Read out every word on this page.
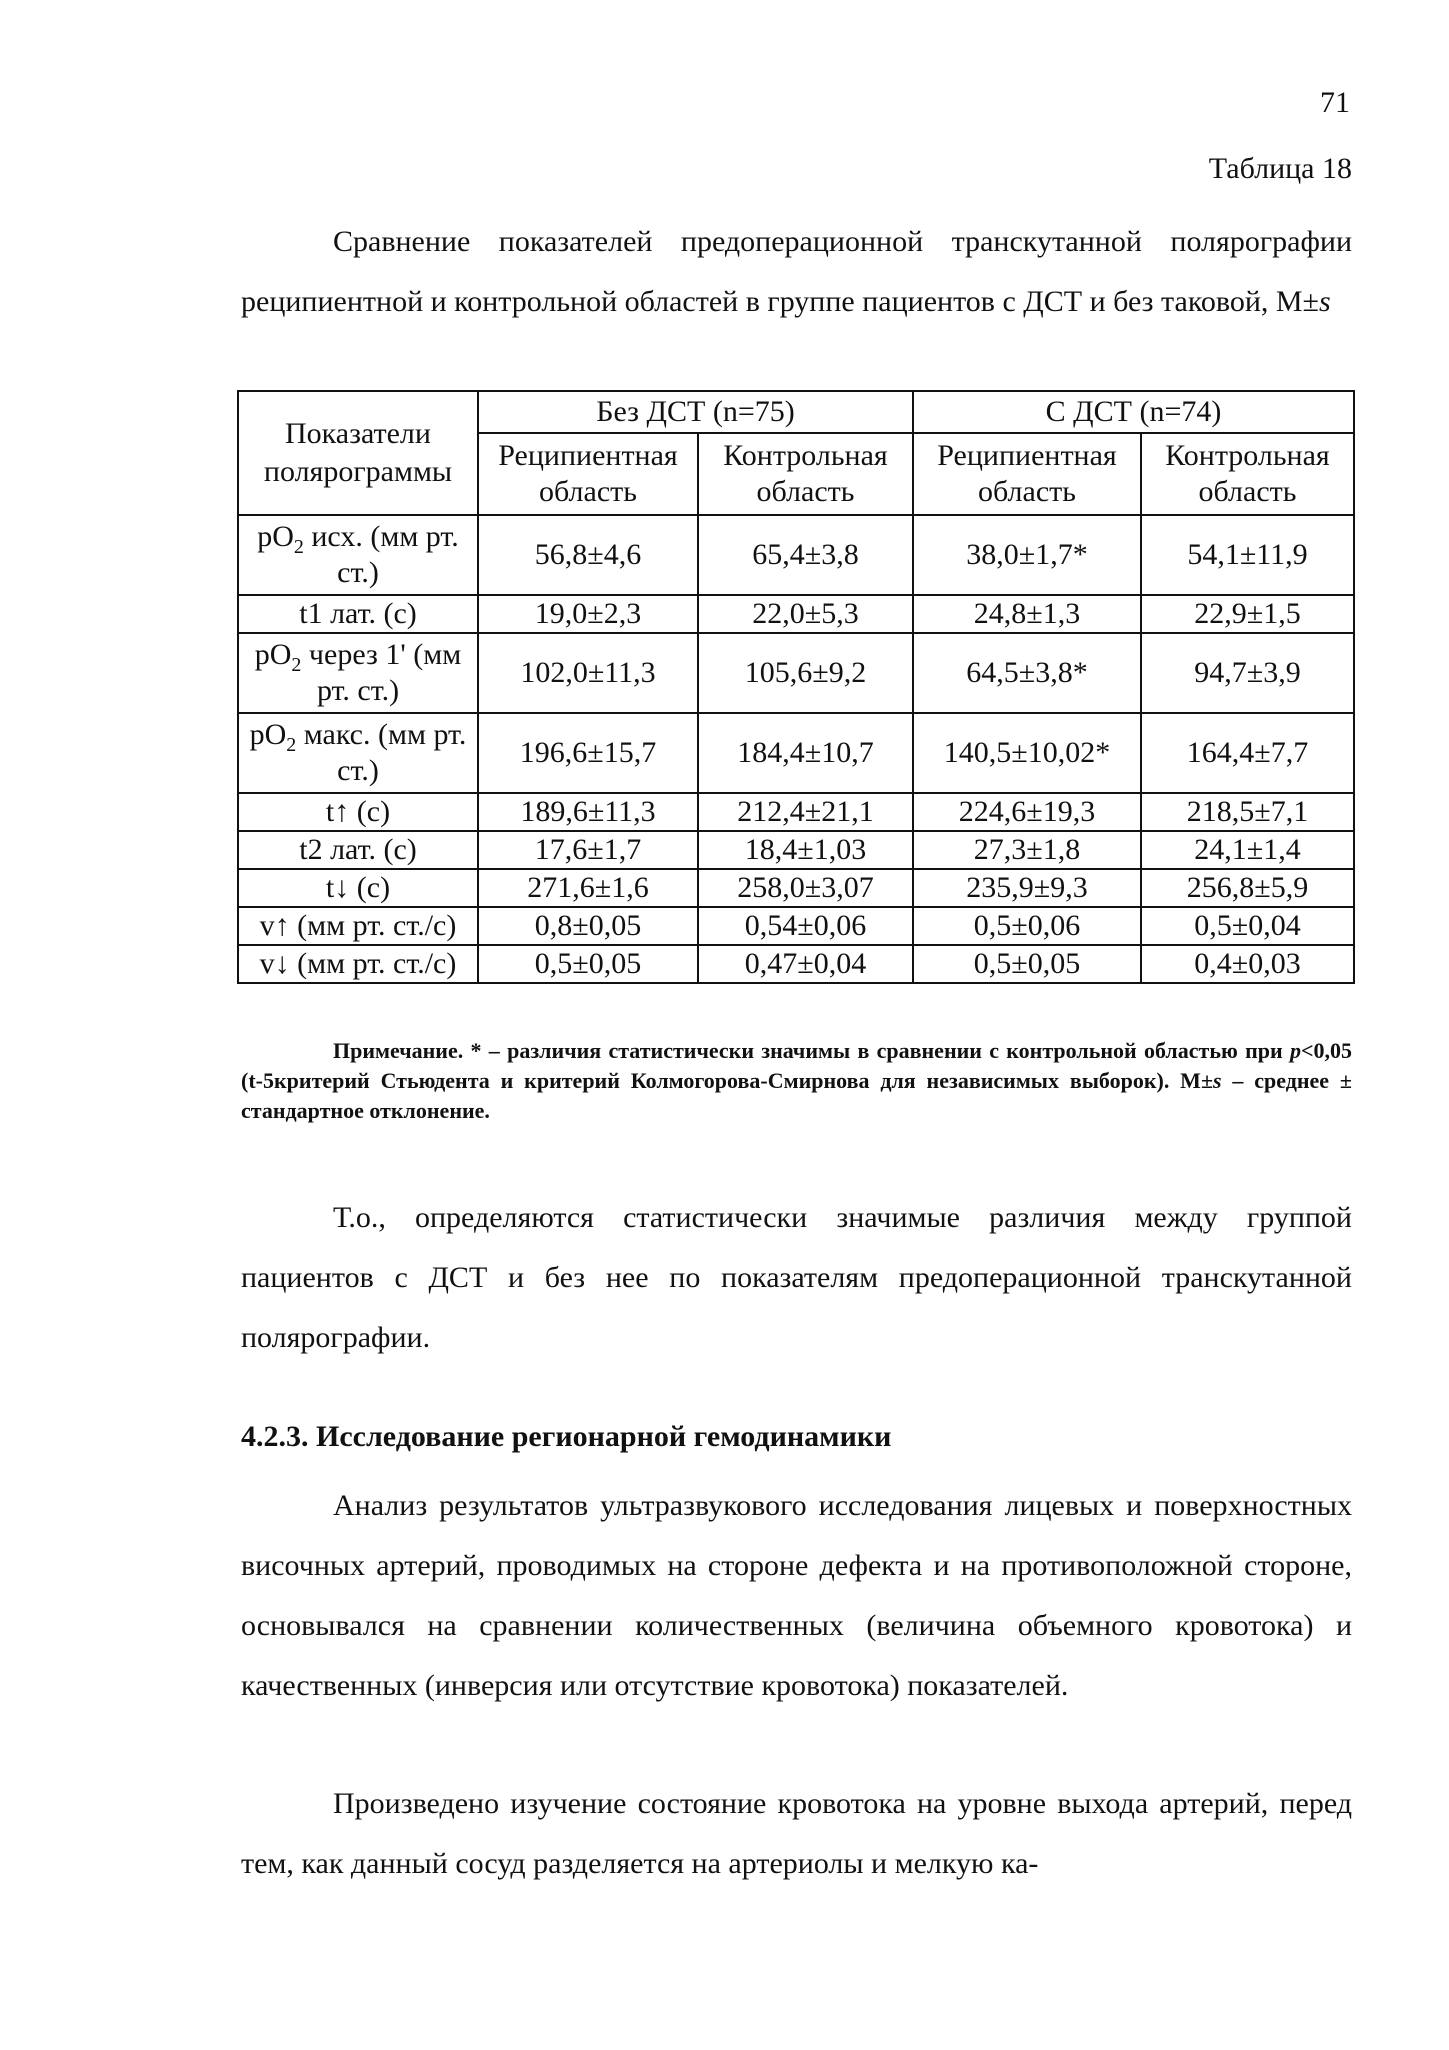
71
Таблица 18

Сравнение показателей предоперационной транскутанной полярографии реципиентной и контрольной областей в группе пациентов с ДСТ и без таковой, M±s

Показатели полярограммы	Без ДСТ (n=75)		С ДСТ (n=74)	
	Реципиентная область	Контрольная область	Реципиентная область	Контрольная область
$pO_2$ исх. (мм рт. ст.)	56,8±4,6	65,4±3,8	38,0±1,7*	54,1±11,9
t1 лат. (с)	19,0±2,3	22,0±5,3	24,8±1,3	22,9±1,5
$pO_2$ через 1' (мм рт. ст.)	102,0±11,3	105,6±9,2	64,5±3,8*	94,7±3,9
$pO_2$ макс. (мм рт. ст.)	196,6±15,7	184,4±10,7	140,5±10,02*	164,4±7,7
t↑ (с)	189,6±11,3	212,4±21,1	224,6±19,3	218,5±7,1
t2 лат. (с)	17,6±1,7	18,4±1,03	27,3±1,8	24,1±1,4
t↓ (с)	271,6±1,6	258,0±3,07	235,9±9,3	256,8±5,9
v↑ (мм рт. ст./с)	0,8±0,05	0,54±0,06	0,5±0,06	0,5±0,04
v↓ (мм рт. ст./с)	0,5±0,05	0,47±0,04	0,5±0,05	0,4±0,03

Примечание. * – различия статистически значимы в сравнении с контрольной областью при p<0,05 (t-5критерий Стьюдента и критерий Колмогорова-Смирнова для независимых выборок). M±s – среднее ± стандартное отклонение.

Т.о., определяются статистически значимые различия между группой пациентов с ДСТ и без нее по показателям предоперационной транскутанной полярографии.

4.2.3. Исследование регионарной гемодинамики

Анализ результатов ультразвукового исследования лицевых и поверхностных височных артерий, проводимых на стороне дефекта и на противоположной стороне, основывался на сравнении количественных (величина объемного кровотока) и качественных (инверсия или отсутствие кровотока) показателей.

Произведено изучение состояние кровотока на уровне выхода артерий, перед тем, как данный сосуд разделяется на артериолы и мелкую ка-
